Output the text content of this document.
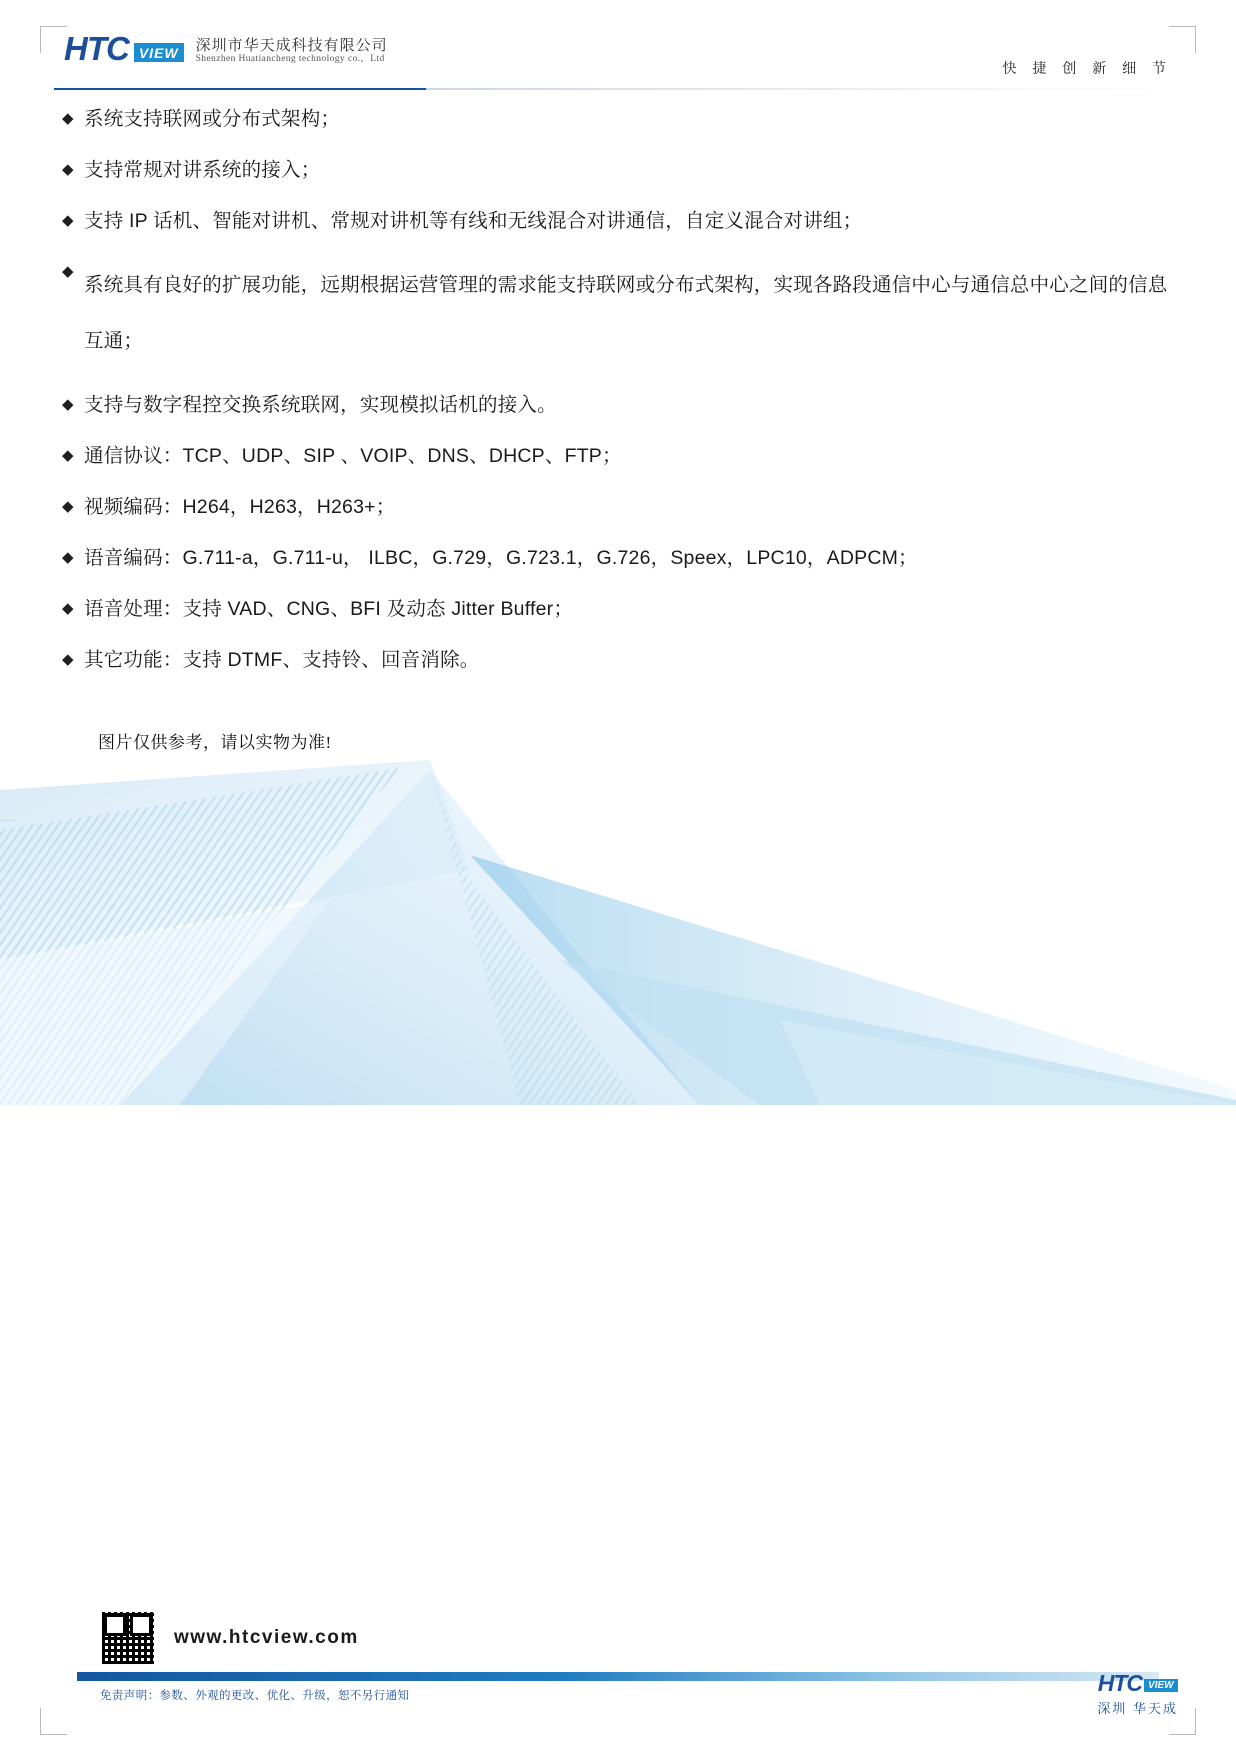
HTC VIEW	深圳市华天成科技有限公司
Shenzhen Huatiancheng technology co.，Ltd
快 捷 创 新 细 节
◆ 系统支持联网或分布式架构；
◆ 支持常规对讲系统的接入；
◆ 支持 IP 话机、智能对讲机、常规对讲机等有线和无线混合对讲通信，自定义混合对讲组；
◆
系统具有良好的扩展功能，远期根据运营管理的需求能支持联网或分布式架构，实现各路段通信中心与通信总中心之间的信息互通；
◆ 支持与数字程控交换系统联网，实现模拟话机的接入。
◆ 通信协议：TCP、UDP、SIP 、VOIP、DNS、DHCP、FTP；
◆ 视频编码：H264，H263，H263+；
◆ 语音编码：G.711-a，G.711-u， ILBC，G.729，G.723.1，G.726，Speex，LPC10，ADPCM；
◆ 语音处理：支持 VAD、CNG、BFI 及动态 Jitter Buffer；
◆ 其它功能：支持 DTMF、支持铃、回音消除。
图片仅供参考，请以实物为准!
www.htcview.com
免责声明：参数、外观的更改、优化、升级，恕不另行通知	HTC VIEW
深圳 华天成
